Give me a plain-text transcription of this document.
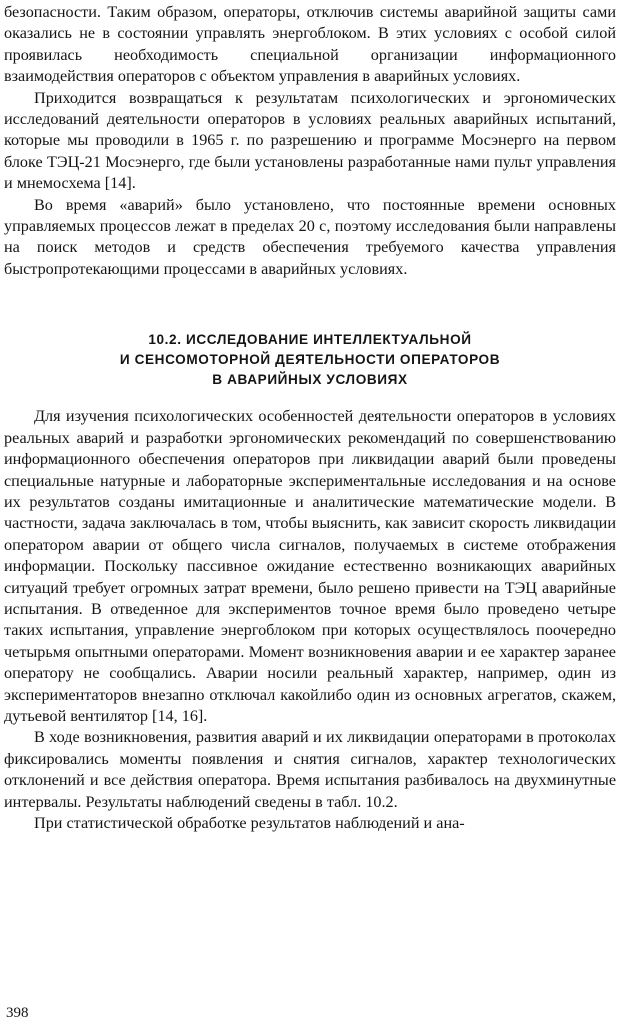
безопасности. Таким образом, операторы, отключив системы аварийной защиты сами оказались не в состоянии управлять энергоблоком. В этих условиях с особой силой проявилась необходимость специальной организации информационного взаимодействия операторов с объектом управления в аварийных условиях.

Приходится возвращаться к результатам психологических и эргономических исследований деятельности операторов в условиях реальных аварийных испытаний, которые мы проводили в 1965 г. по разрешению и программе Мосэнерго на первом блоке ТЭЦ-21 Мосэнерго, где были установлены разработанные нами пульт управления и мнемосхема [14].

Во время «аварий» было установлено, что постоянные времени основных управляемых процессов лежат в пределах 20 с, поэтому исследования были направлены на поиск методов и средств обеспечения требуемого качества управления быстропротекающими процессами в аварийных условиях.

10.2. ИССЛЕДОВАНИЕ ИНТЕЛЛЕКТУАЛЬНОЙ
И СЕНСОМОТОРНОЙ ДЕЯТЕЛЬНОСТИ ОПЕРАТОРОВ
В АВАРИЙНЫХ УСЛОВИЯХ

Для изучения психологических особенностей деятельности операторов в условиях реальных аварий и разработки эргономических рекомендаций по совершенствованию информационного обеспечения операторов при ликвидации аварий были проведены специальные натурные и лабораторные экспериментальные исследования и на основе их результатов созданы имитационные и аналитические математические модели. В частности, задача заключалась в том, чтобы выяснить, как зависит скорость ликвидации оператором аварии от общего числа сигналов, получаемых в системе отображения информации. Поскольку пассивное ожидание естественно возникающих аварийных ситуаций требует огромных затрат времени, было решено привести на ТЭЦ аварийные испытания. В отведенное для экспериментов точное время было проведено четыре таких испытания, управление энергоблоком при которых осуществлялось поочередно четырьмя опытными операторами. Момент возникновения аварии и ее характер заранее оператору не сообщались. Аварии носили реальный характер, например, один из экспериментаторов внезапно отключал какойлибо один из основных агрегатов, скажем, дутьевой вентилятор [14, 16].

В ходе возникновения, развития аварий и их ликвидации операторами в протоколах фиксировались моменты появления и снятия сигналов, характер технологических отклонений и все действия оператора. Время испытания разбивалось на двухминутные интервалы. Результаты наблюдений сведены в табл. 10.2.

При статистической обработке результатов наблюдений и ана-

398
